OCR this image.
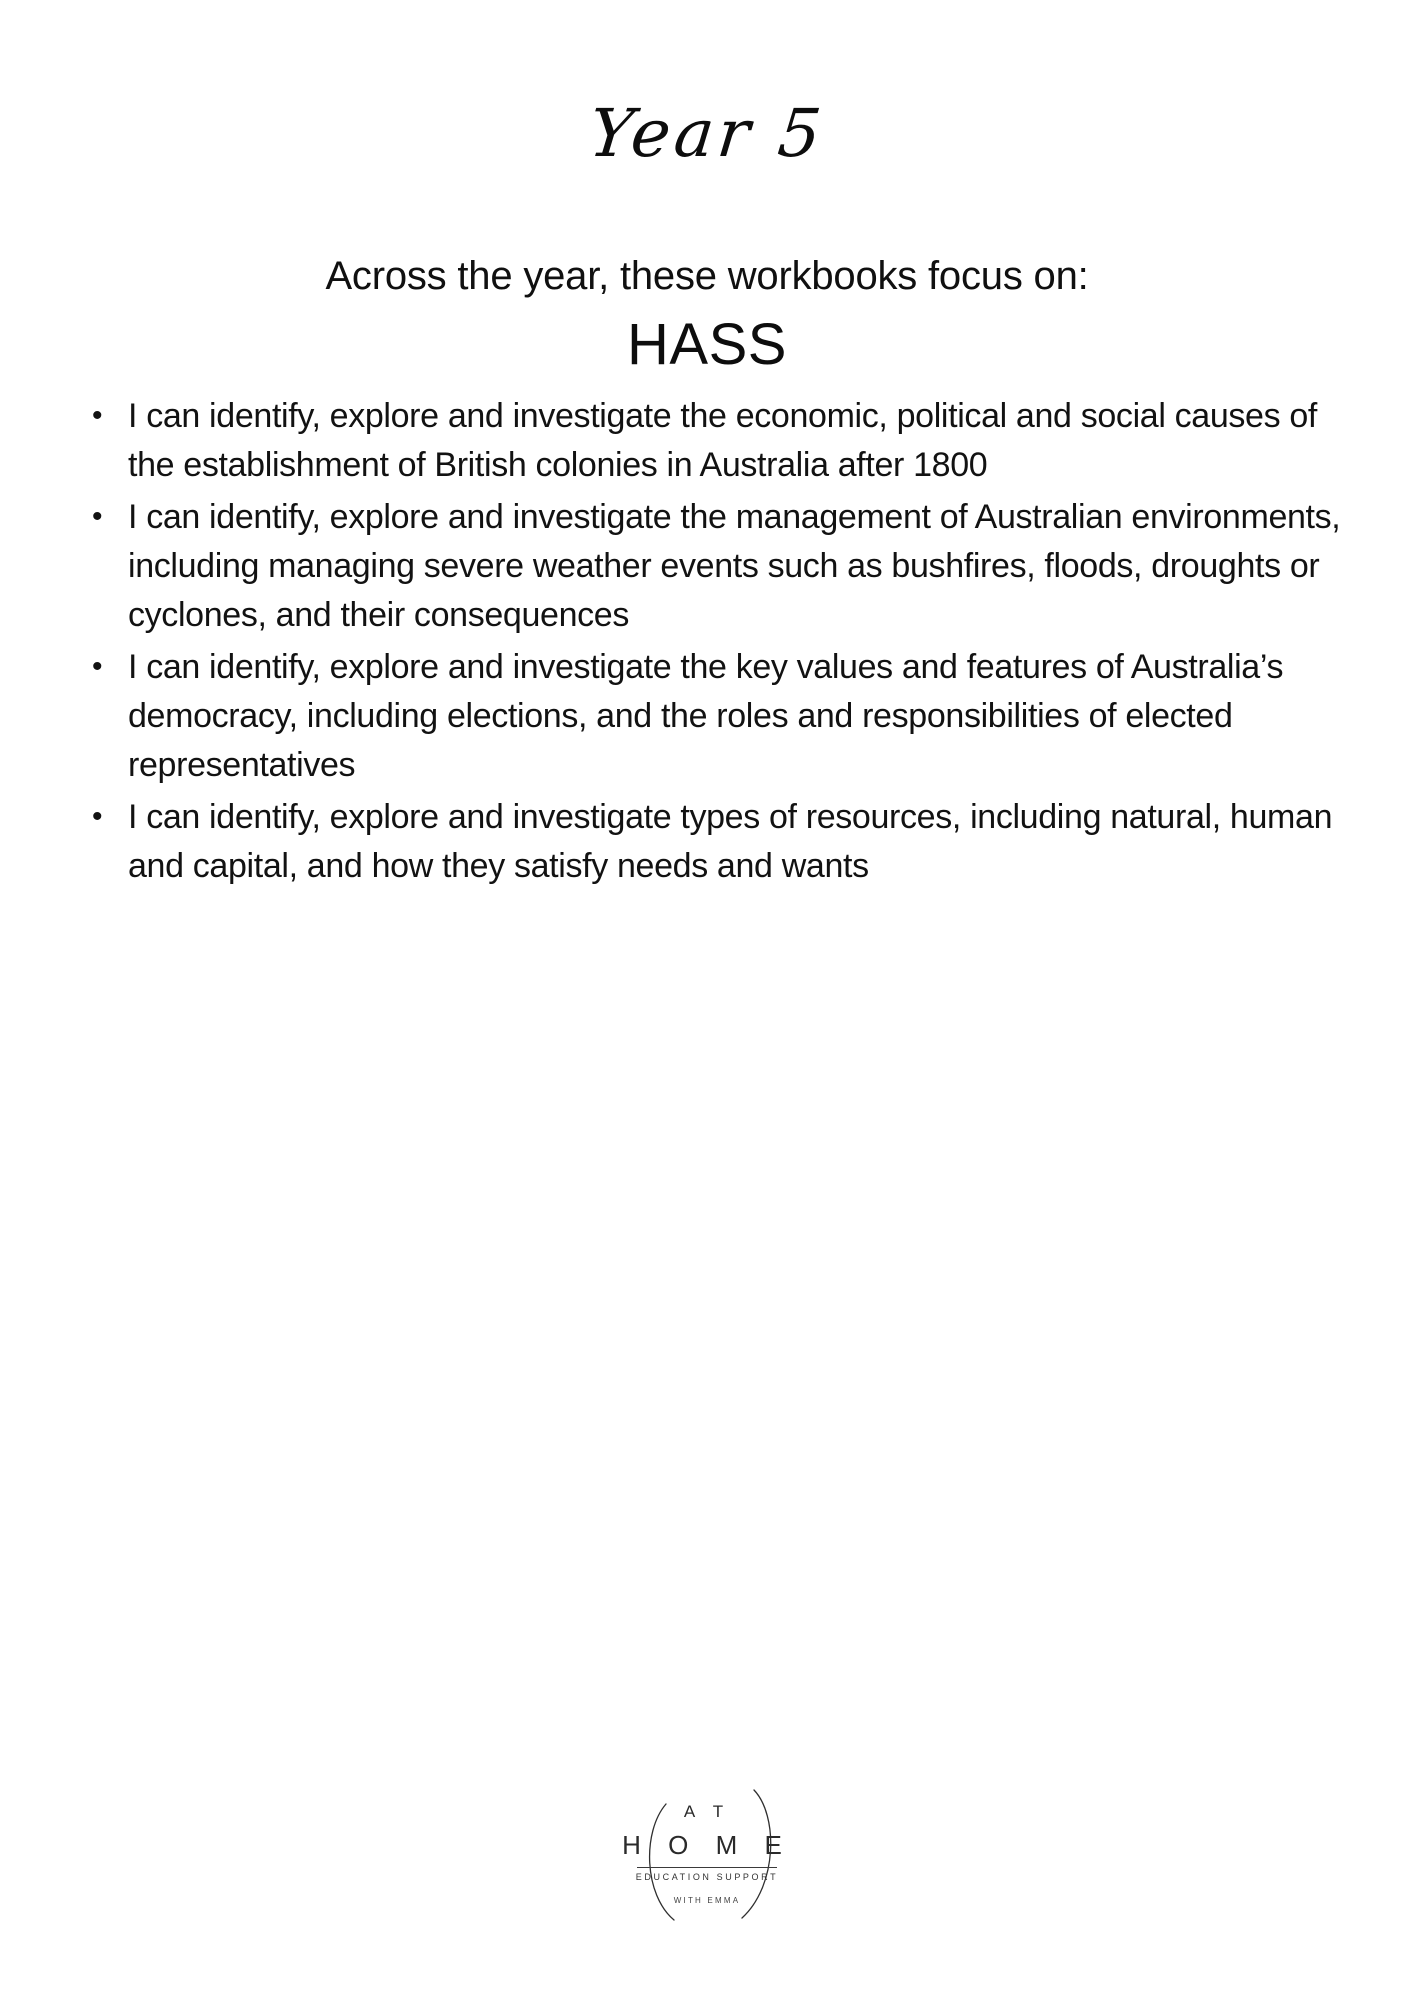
Year 5
Across the year, these workbooks focus on:
HASS
• I can identify, explore and investigate the economic, political and social causes of the establishment of British colonies in Australia after 1800
• I can identify, explore and investigate the management of Australian environments, including managing severe weather events such as bushfires, floods, droughts or cyclones, and their consequences
• I can identify, explore and investigate the key values and features of Australia’s democracy, including elections, and the roles and responsibilities of elected representatives
• I can identify, explore and investigate types of resources, including natural, human and capital, and how they satisfy needs and wants
A T
H O M E
EDUCATION SUPPORT
WITH EMMA
